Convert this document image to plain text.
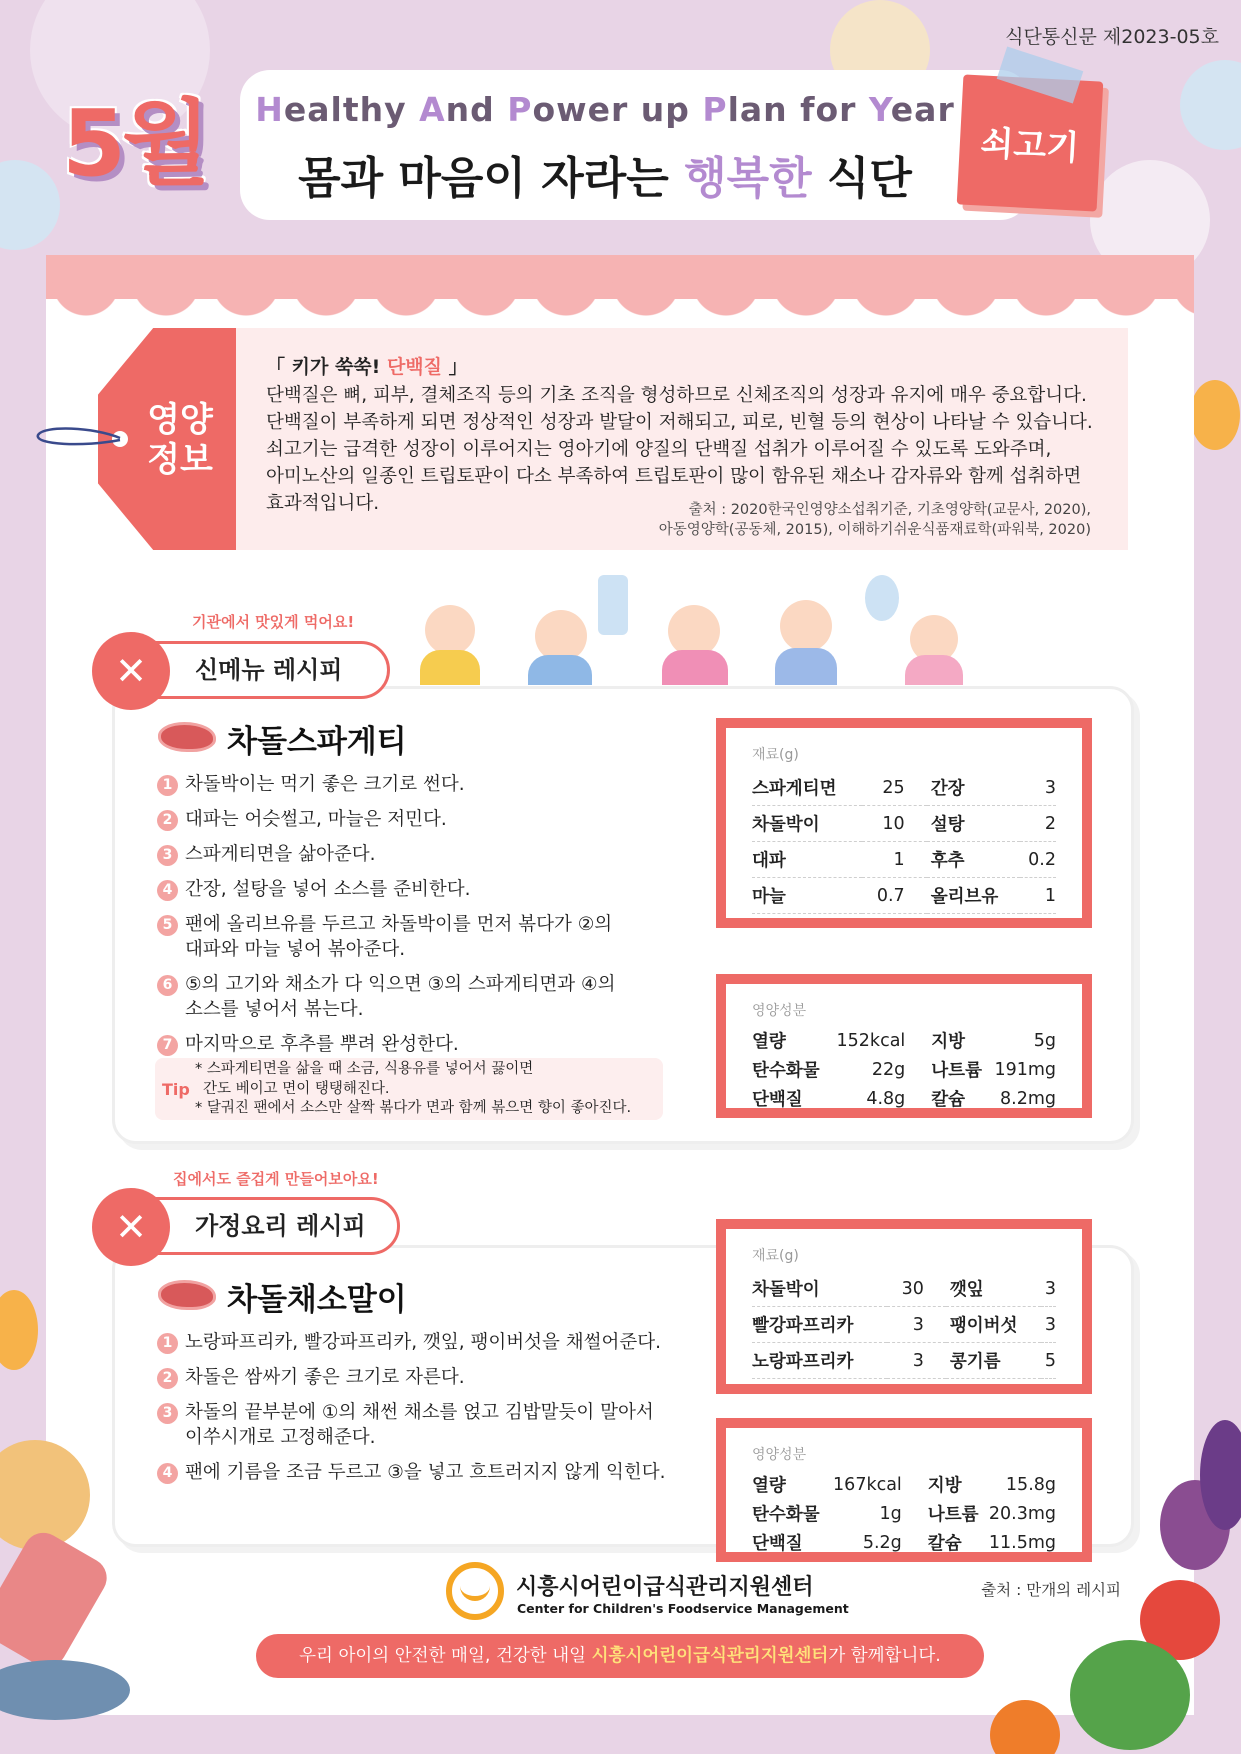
식단통신문 제2023-05호
5월	Healthy And Power up Plan for Year
몸과 마음이 자라는 행복한 식단
쇠고기
영양
정보
「 키가 쑥쑥! 단백질 」
단백질은 뼈, 피부, 결체조직 등의 기초 조직을 형성하므로 신체조직의 성장과 유지에 매우 중요합니다.
단백질이 부족하게 되면 정상적인 성장과 발달이 저해되고, 피로, 빈혈 등의 현상이 나타날 수 있습니다.
쇠고기는 급격한 성장이 이루어지는 영아기에 양질의 단백질 섭취가 이루어질 수 있도록 도와주며,
아미노산의 일종인 트립토판이 다소 부족하여 트립토판이 많이 함유된 채소나 감자류와 함께 섭취하면
효과적입니다.	출처 : 2020한국인영양소섭취기준, 기초영양학(교문사, 2020),
아동영양학(공동체, 2015), 이해하기쉬운식품재료학(파워북, 2020)
기관에서 맛있게 먹어요!
신메뉴 레시피
✕
차돌스파게티
1 차돌박이는 먹기 좋은 크기로 썬다.
2 대파는 어슷썰고, 마늘은 저민다.
3 스파게티면을 삶아준다.
4 간장, 설탕을 넣어 소스를 준비한다.
5 팬에 올리브유를 두르고 차돌박이를 먼저 볶다가 ②의 대파와 마늘 넣어 볶아준다.
6 ⑤의 고기와 채소가 다 익으면 ③의 스파게티면과 ④의 소스를 넣어서 볶는다.
7 마지막으로 후추를 뿌려 완성한다.
Tip
* 스파게티면을 삶을 때 소금, 식용유를 넣어서 끓이면
간도 베이고 면이 탱탱해진다.
* 달궈진 팬에서 소스만 살짝 볶다가 면과 함께 볶으면 향이 좋아진다.
재료(g)
스파게티면	25	간장	3
차돌박이	10	설탕	2
대파	1	후추	0.2
마늘	0.7	올리브유	1
영양성분
열량	152kcal	지방	5g
탄수화물	22g	나트륨	191mg
단백질	4.8g	칼슘	8.2mg
집에서도 즐겁게 만들어보아요!
가정요리 레시피
✕
차돌채소말이
1 노랑파프리카, 빨강파프리카, 깻잎, 팽이버섯을 채썰어준다.
2 차돌은 쌈싸기 좋은 크기로 자른다.
3 차돌의 끝부분에 ①의 채썬 채소를 얹고 김밥말듯이 말아서 이쑤시개로 고정해준다.
4 팬에 기름을 조금 두르고 ③을 넣고 흐트러지지 않게 익힌다.
재료(g)
차돌박이	30	깻잎	3
빨강파프리카	3	팽이버섯	3
노랑파프리카	3	콩기름	5
영양성분
열량	167kcal	지방	15.8g
탄수화물	1g	나트륨	20.3mg
단백질	5.2g	칼슘	11.5mg
시흥시어린이급식관리지원센터
Center for Children's Foodservice Management
출처 : 만개의 레시피
우리 아이의 안전한 매일, 건강한 내일 시흥시어린이급식관리지원센터가 함께합니다.
